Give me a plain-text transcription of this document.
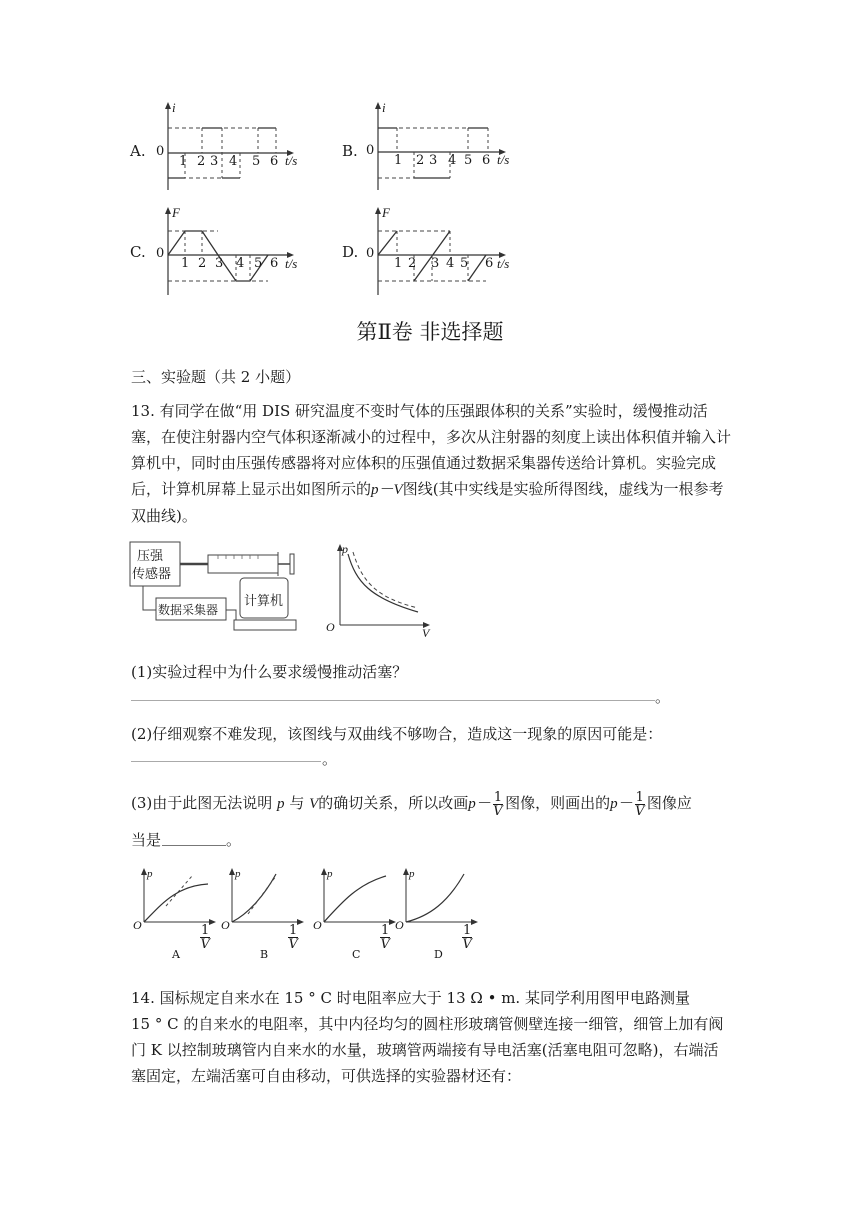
A.
i
0
1 2 3 4 5 6 t/s
B.
i
0
1 2 3 4 5 6 t/s
C.
F
0
1 2 3 4 5 6 t/s
D.
F
0
1 2 3 4 5 6 t/s
第Ⅱ卷 非选择题
三、实验题（共 2 小题）
13. 有同学在做“用 DIS 研究温度不变时气体的压强跟体积的关系”实验时，缓慢推动活塞，在使注射器内空气体积逐渐减小的过程中，多次从注射器的刻度上读出体积值并输入计算机中，同时由压强传感器将对应体积的压强值通过数据采集器传送给计算机。实验完成后，计算机屏幕上显示出如图所示的p－V图线(其中实线是实验所得图线，虚线为一根参考双曲线)。
压强
传感器
数据采集器
计算机
p
V
O
(1)实验过程中为什么要求缓慢推动活塞？
。
(2)仔细观察不难发现，该图线与双曲线不够吻合，造成这一现象的原因可能是：
。
(3)由于此图无法说明 p 与 V的确切关系，所以改画$p- \frac{1}{V}$ 图像，则画出的$p- \frac{1}{V}$ 图像应
当是	。
p
O	$\frac{1}{V}$
A
p
O	$\frac{1}{V}$
B
p
O	$\frac{1}{V}$
C
p
O	$\frac{1}{V}$
D
14. 国标规定自来水在 15 ° C 时电阻率应大于 13 Ω • m. 某同学利用图甲电路测量
15 ° C 的自来水的电阻率，其中内径均匀的圆柱形玻璃管侧壁连接一细管，细管上加有阀门 K 以控制玻璃管内自来水的水量，玻璃管两端接有导电活塞(活塞电阻可忽略)，右端活塞固定，左端活塞可自由移动，可供选择的实验器材还有：
